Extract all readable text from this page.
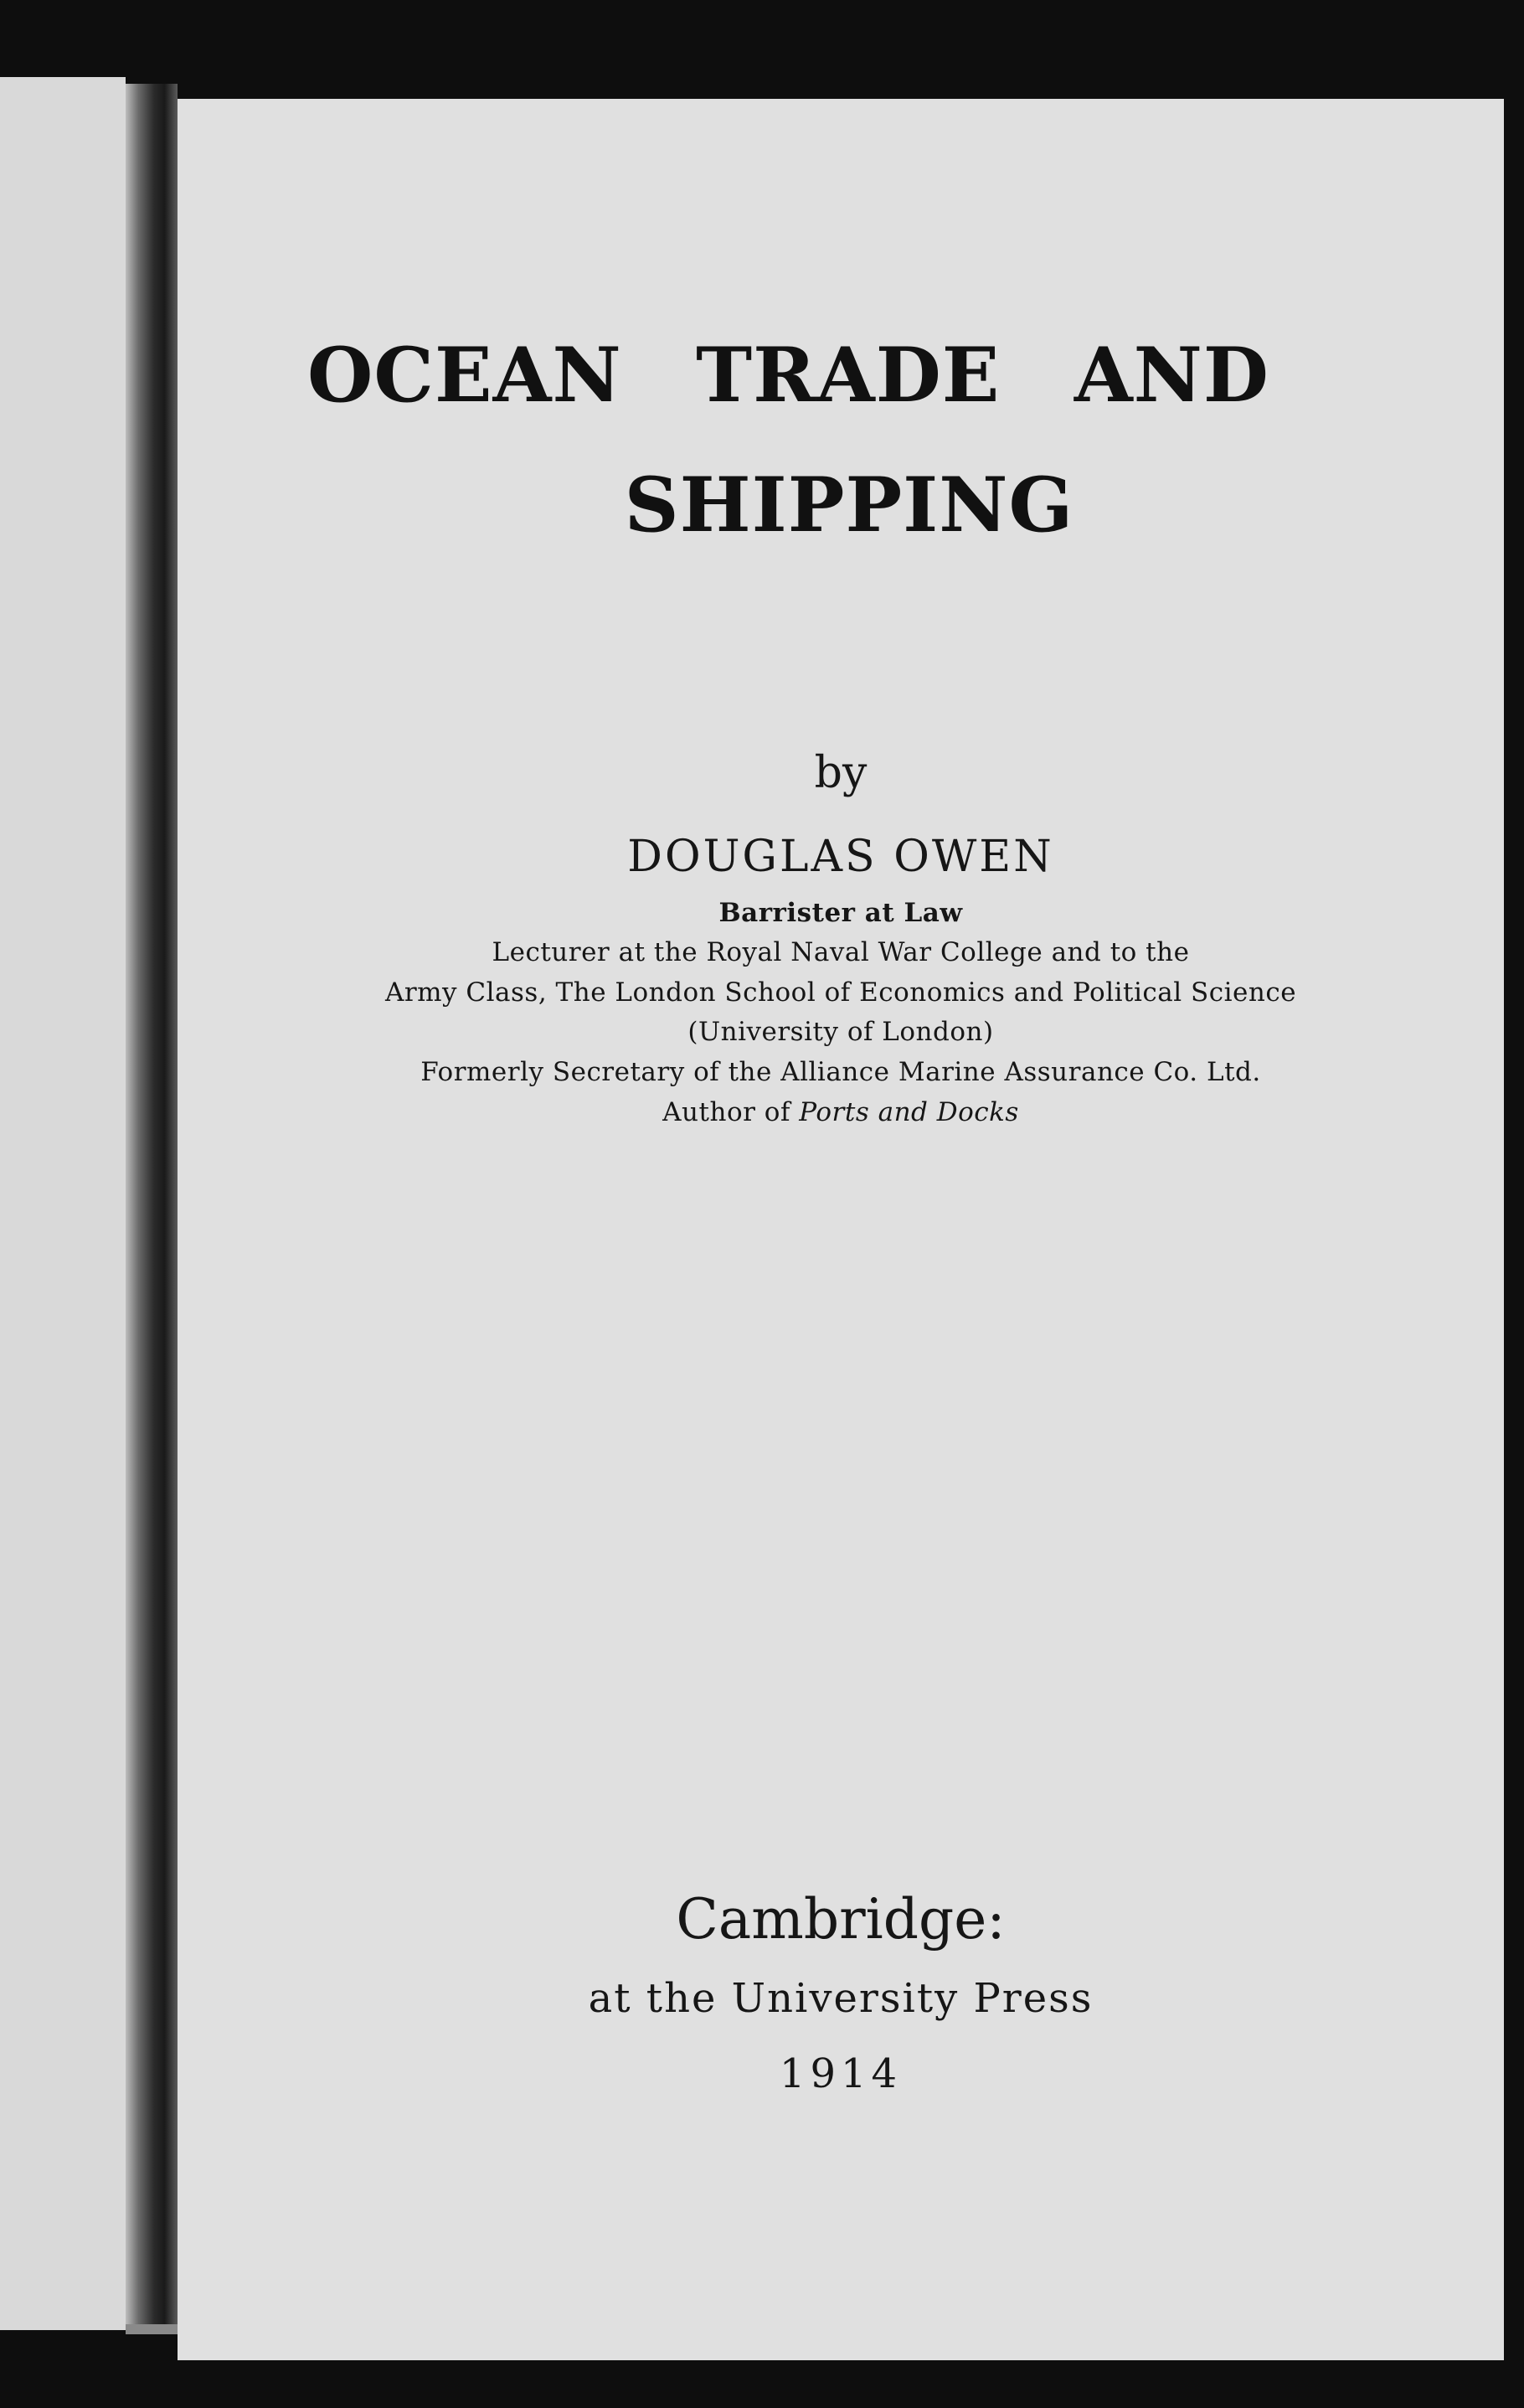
OCEAN TRADE AND
SHIPPING
by
DOUGLAS OWEN
Barrister at Law
Lecturer at the Royal Naval War College and to the
Army Class, The London School of Economics and Political Science
(University of London)
Formerly Secretary of the Alliance Marine Assurance Co. Ltd.
Author of Ports and Docks
Cambridge:
at the University Press
1914
